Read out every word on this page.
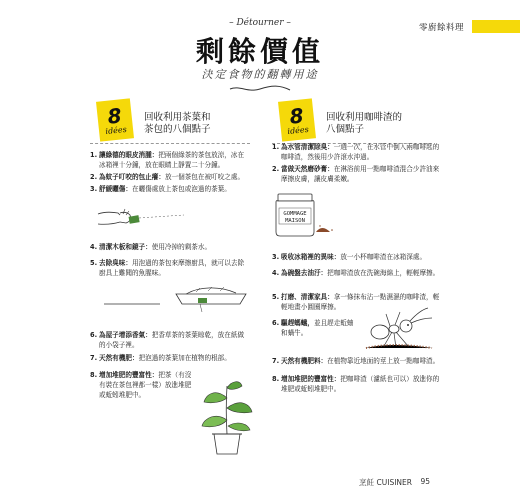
零廚餘料理
– Détourner –
剩餘價值
決定食物的翻轉用途
8
idées
回收利用茶葉和
茶包的八個點子
8
idées
回收利用咖啡渣的
八個點子
1. 讓綠德的眼皮消腫：把兩個綠茶的茶包放涼，冰在冰箱裡十分鐘，放在眼睛上靜置二十分鐘。
2. 為蚊子叮咬的包止癢：放一個茶包在被叮咬之處。
3. 舒緩曬傷：在曬傷處放上茶包或泡過的茶葉。
4. 清潔木板和鏡子：使用冷掉的剩茶水。
5. 去除臭味：用泡過的茶包來摩擦廚具，就可以去除廚具上難聞的魚腥味。
6. 為屋子增添香氣：把香草茶的茶葉晾乾，放在紙做的小袋子裡。
7. 天然有機肥：把泡過的茶葉加在植物的根部。
8. 增加堆肥的豐富性：把茶（有沒有裝在茶包裡都一樣）放進堆肥或蚯蚓堆肥中。
1. 為水管清潔除臭：一週一次，在水管中倒入兩咖啡匙的咖啡渣，然後用少許滾水沖過。
2. 當做天然磨砂膏：在淋浴前用一點咖啡渣混合少許油來摩擦皮膚，讓皮膚柔嫩。
GOMMAGE
MAISON
3. 吸收冰箱裡的異味：放一小杯咖啡渣在冰箱深處。
4. 為碗盤去油汙：把咖啡渣放在洗碗海綿上，輕輕摩擦。
5. 打磨、清潔家具：拿一條抹布沾一點濕濕的咖啡渣，輕輕地畫小圓圈摩擦。
6. 驅趕螞蟻，並且趕走蚯蚰和蝸牛。
7. 天然有機肥料：在植物靠近地面的莖上放一點咖啡渣。
8. 增加堆肥的豐富性：把咖啡渣（濾紙也可以）放進你的堆肥或蚯蚓堆肥中。
烹飪 CUISINER 95
